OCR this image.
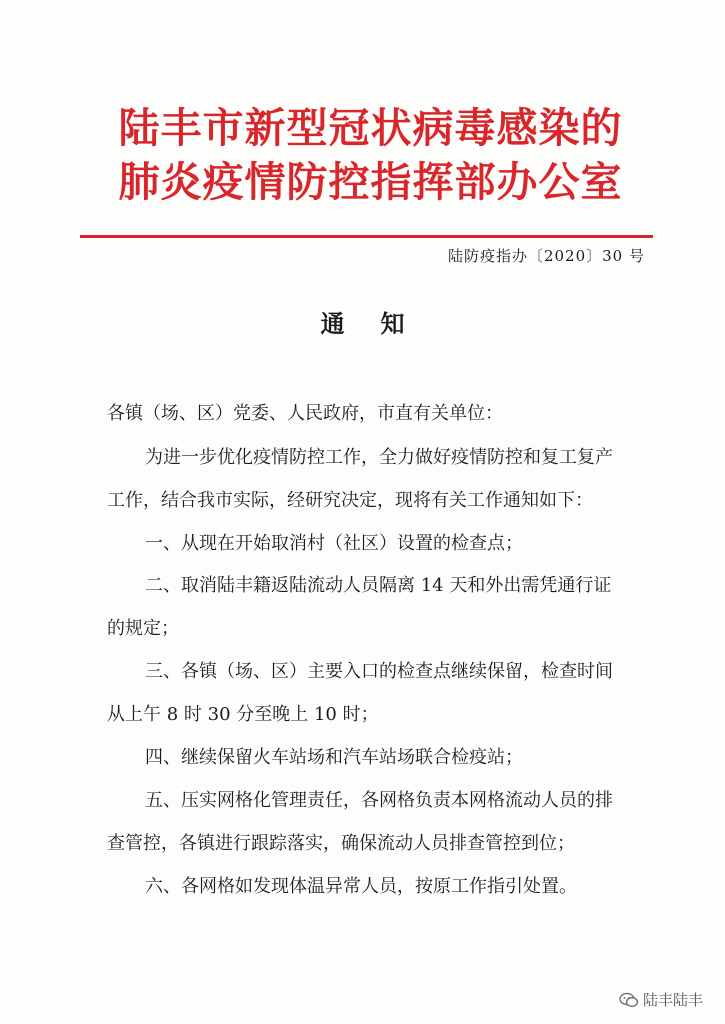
陆丰市新型冠状病毒感染的
肺炎疫情防控指挥部办公室
陆防疫指办〔2020〕30 号
通知
各镇（场、区）党委、人民政府，市直有关单位：
为进一步优化疫情防控工作，全力做好疫情防控和复工复产
工作，结合我市实际，经研究决定，现将有关工作通知如下：
一、从现在开始取消村（社区）设置的检查点；
二、取消陆丰籍返陆流动人员隔离 14 天和外出需凭通行证
的规定；
三、各镇（场、区）主要入口的检查点继续保留，检查时间
从上午 8 时 30 分至晚上 10 时；
四、继续保留火车站场和汽车站场联合检疫站；
五、压实网格化管理责任，各网格负责本网格流动人员的排
查管控，各镇进行跟踪落实，确保流动人员排查管控到位；
六、各网格如发现体温异常人员，按原工作指引处置。
陆丰陆丰
